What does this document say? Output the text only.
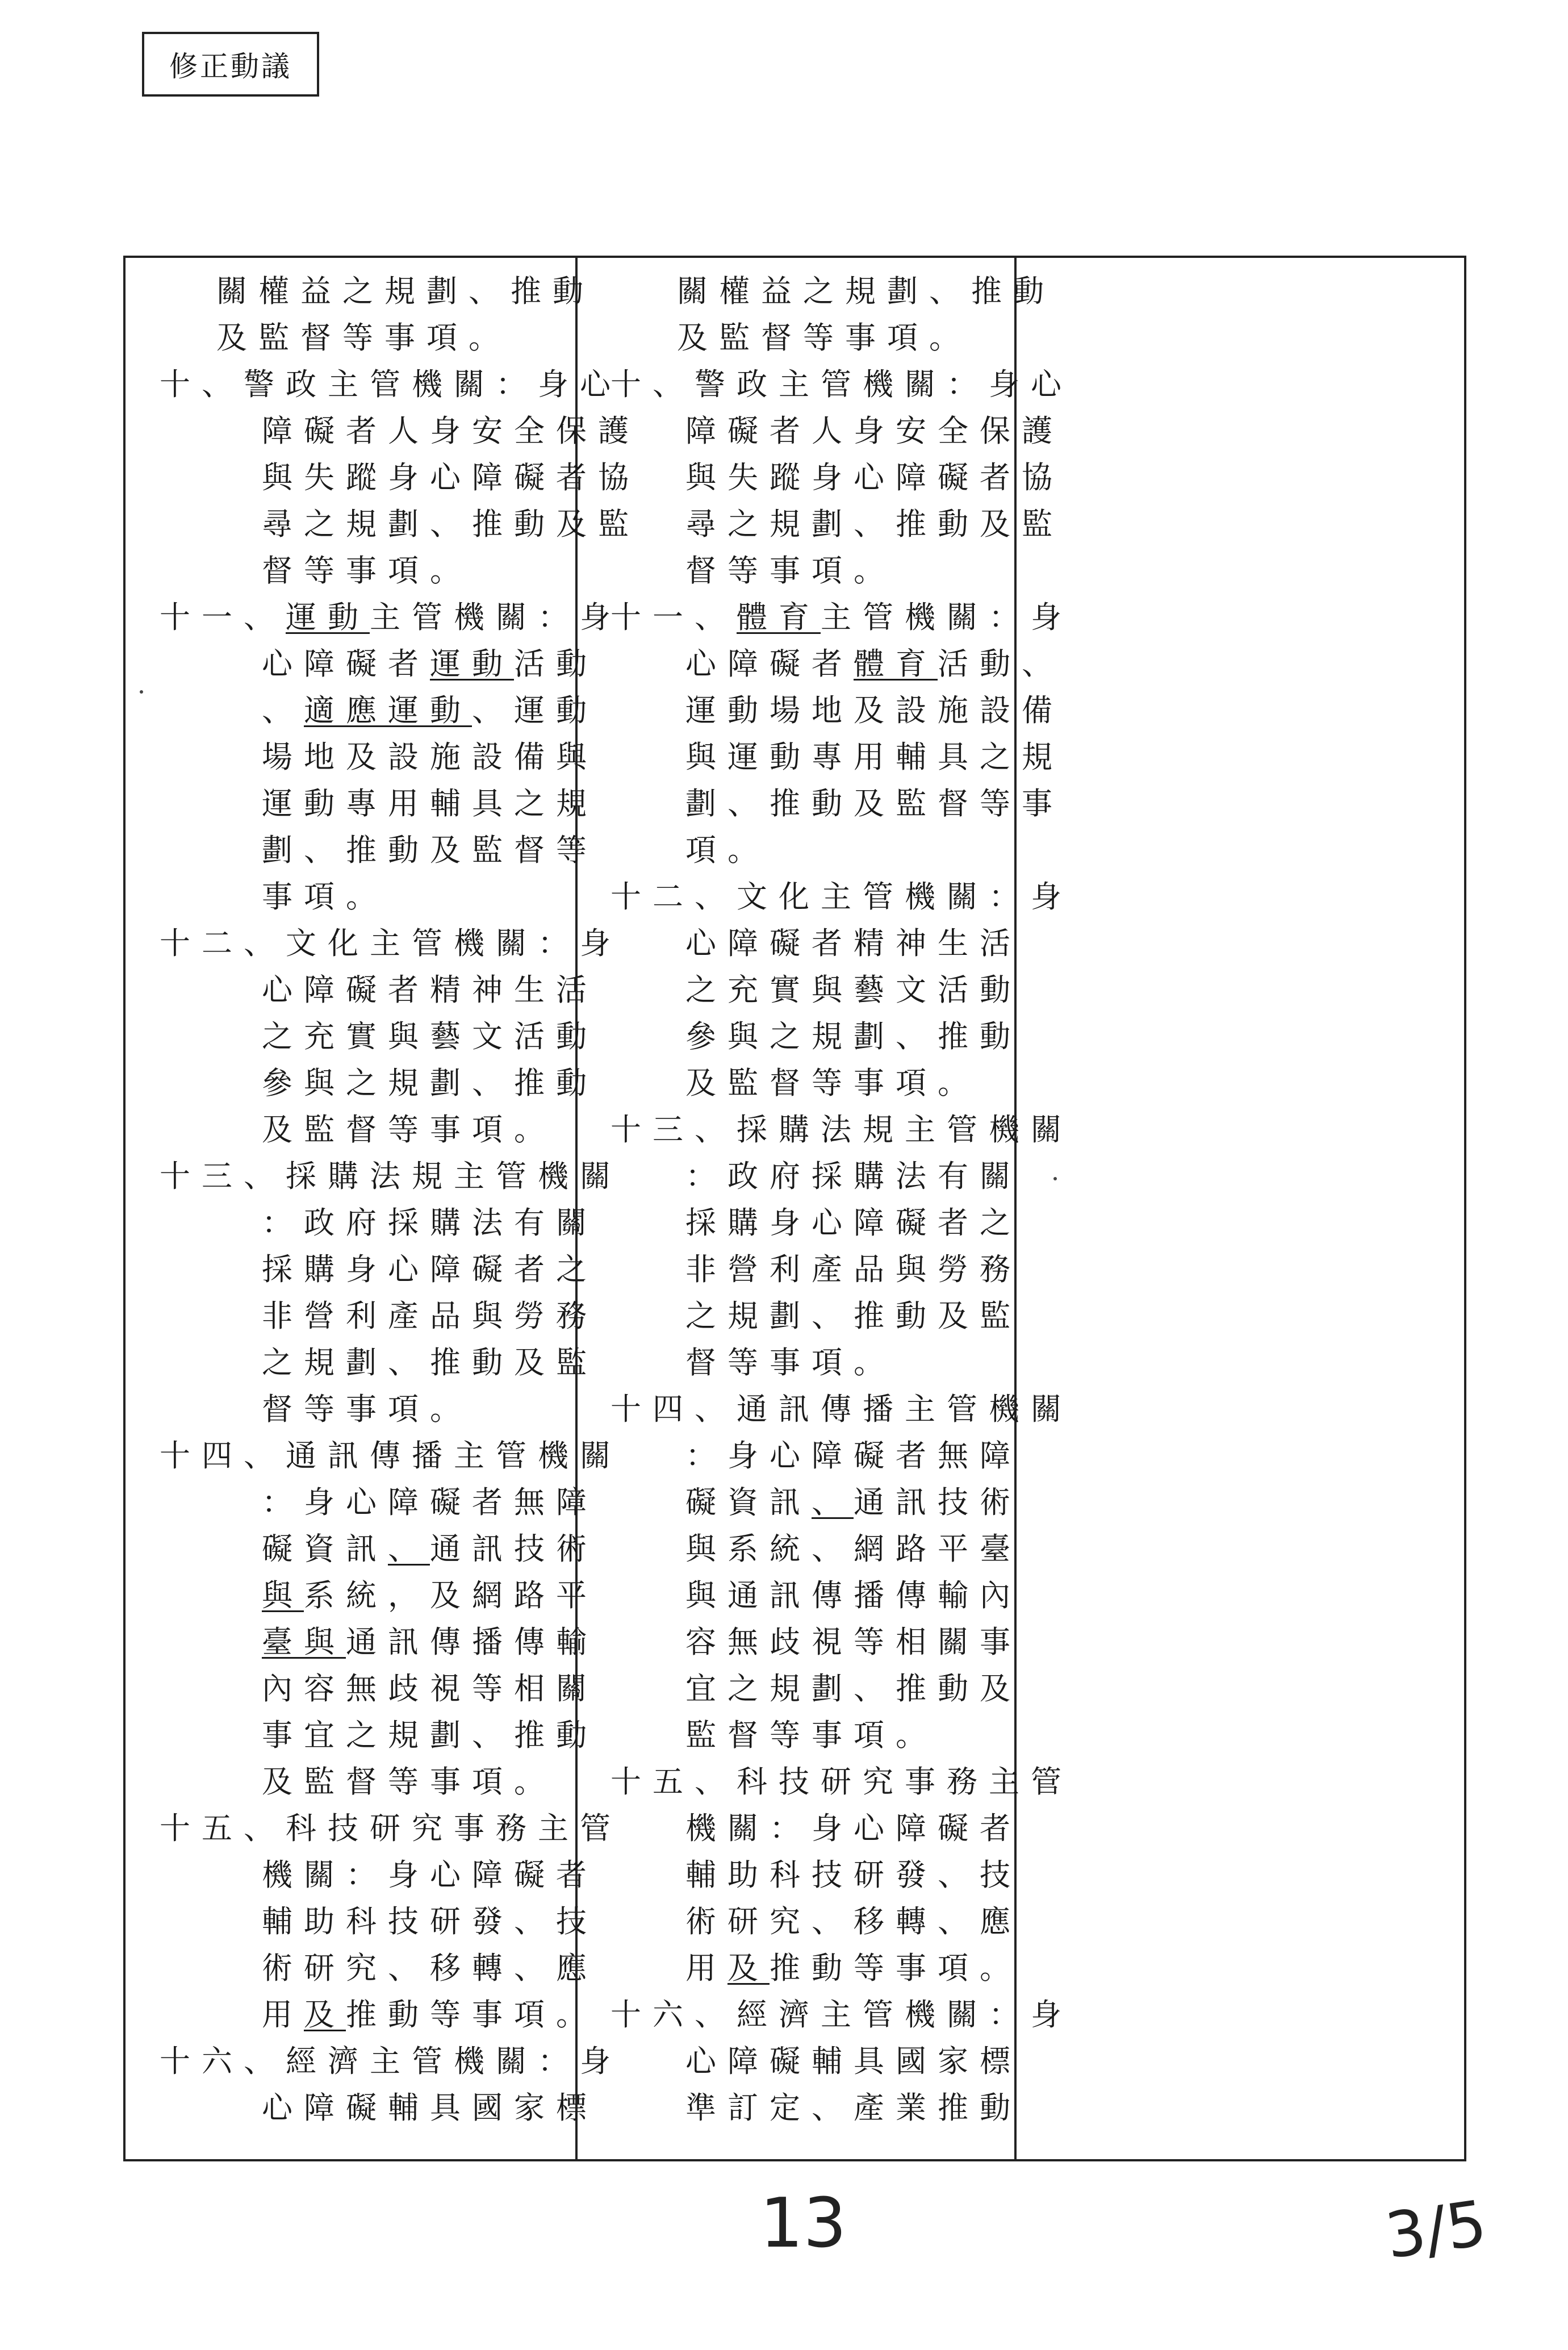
修正動議
關權益之規劃、推動
及監督等事項。
十、 警政主管機關：身心
障礙者人身安全保護
與失蹤身心障礙者協
尋之規劃、推動及監
督等事項。
十一、 運動主管機關：身
心障礙者運動活動
、適應運動、運動
場地及設施設備與
運動專用輔具之規
劃、推動及監督等
事項。
十二、 文化主管機關：身
心障礙者精神生活
之充實與藝文活動
參與之規劃、推動
及監督等事項。
十三、 採購法規主管機關
：政府採購法有關
採購身心障礙者之
非營利產品與勞務
之規劃、推動及監
督等事項。
十四、 通訊傳播主管機關
：身心障礙者無障
礙資訊、通訊技術
與系統，及網路平
臺與通訊傳播傳輸
內容無歧視等相關
事宜之規劃、推動
及監督等事項。
十五、 科技研究事務主管
機關：身心障礙者
輔助科技研發、技
術研究、移轉、應
用及推動等事項。
十六、 經濟主管機關：身
心障礙輔具國家標
關權益之規劃、推動
及監督等事項。
十、 警政主管機關：身心
障礙者人身安全保護
與失蹤身心障礙者協
尋之規劃、推動及監
督等事項。
十一、 體育主管機關：身
心障礙者體育活動、
運動場地及設施設備
與運動專用輔具之規
劃、推動及監督等事
項。
十二、 文化主管機關：身
心障礙者精神生活
之充實與藝文活動
參與之規劃、推動
及監督等事項。
十三、 採購法規主管機關
：政府採購法有關
採購身心障礙者之
非營利產品與勞務
之規劃、推動及監
督等事項。
十四、 通訊傳播主管機關
：身心障礙者無障
礙資訊、通訊技術
與系統、網路平臺
與通訊傳播傳輸內
容無歧視等相關事
宜之規劃、推動及
監督等事項。
十五、 科技研究事務主管
機關：身心障礙者
輔助科技研發、技
術研究、移轉、應
用及推動等事項。
十六、 經濟主管機關：身
心障礙輔具國家標
準訂定、產業推動
13	3/5
